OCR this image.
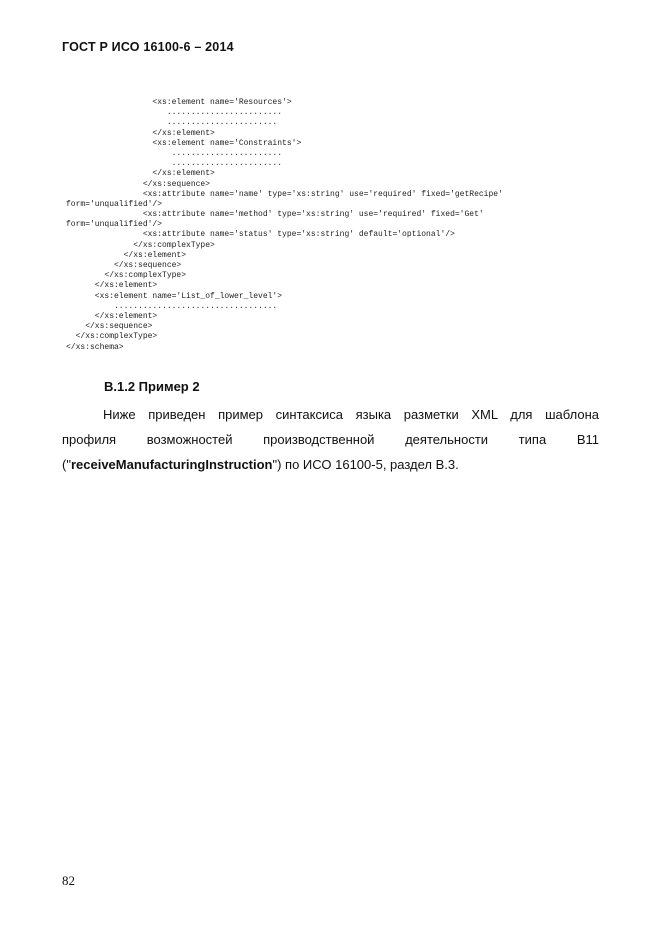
ГОСТ Р ИСО 16100-6 – 2014
<xs:element name='Resources'>
........................
.......................
</xs:element>
<xs:element name='Constraints'>
.......................
.......................
</xs:element>
</xs:sequence>
<xs:attribute name='name' type='xs:string' use='required' fixed='getRecipe'
form='unqualified'/>
<xs:attribute name='method' type='xs:string' use='required' fixed='Get'
form='unqualified'/>
<xs:attribute name='status' type='xs:string' default='optional'/>
</xs:complexType>
</xs:element>
</xs:sequence>
</xs:complexType>
</xs:element>
<xs:element name='List_of_lower_level'>
..................................
</xs:element>
</xs:sequence>
</xs:complexType>
</xs:schema>
В.1.2 Пример 2
Ниже приведен пример синтаксиса языка разметки XML для шаблона
профиля возможностей производственной деятельности типа B11
("receiveManufacturingInstruction") по ИСО 16100-5, раздел В.3.
82
